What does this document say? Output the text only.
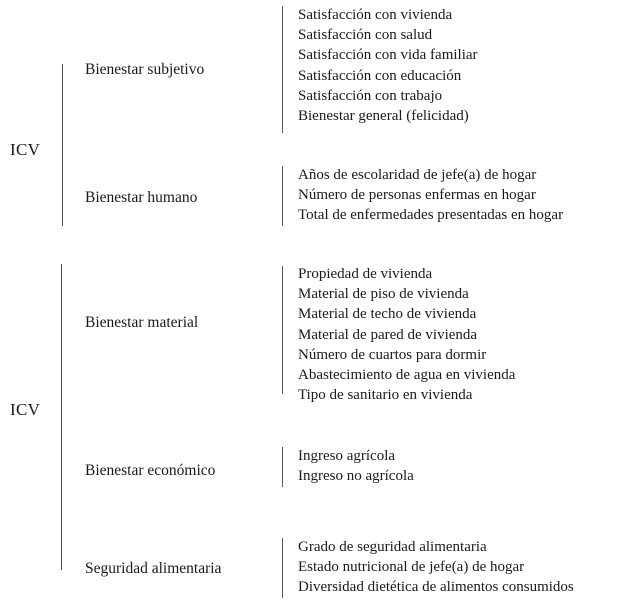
ICV
Bienestar subjetivo
Satisfacción con vivienda
Satisfacción con salud
Satisfacción con vida familiar
Satisfacción con educación
Satisfacción con trabajo
Bienestar general (felicidad)
Bienestar humano
Años de escolaridad de jefe(a) de hogar
Número de personas enfermas en hogar
Total de enfermedades presentadas en hogar
ICV
Bienestar material
Propiedad de vivienda
Material de piso de vivienda
Material de techo de vivienda
Material de pared de vivienda
Número de cuartos para dormir
Abastecimiento de agua en vivienda
Tipo de sanitario en vivienda
Bienestar económico
Ingreso agrícola
Ingreso no agrícola
Seguridad alimentaria
Grado de seguridad alimentaria
Estado nutricional de jefe(a) de hogar
Diversidad dietética de alimentos consumidos
